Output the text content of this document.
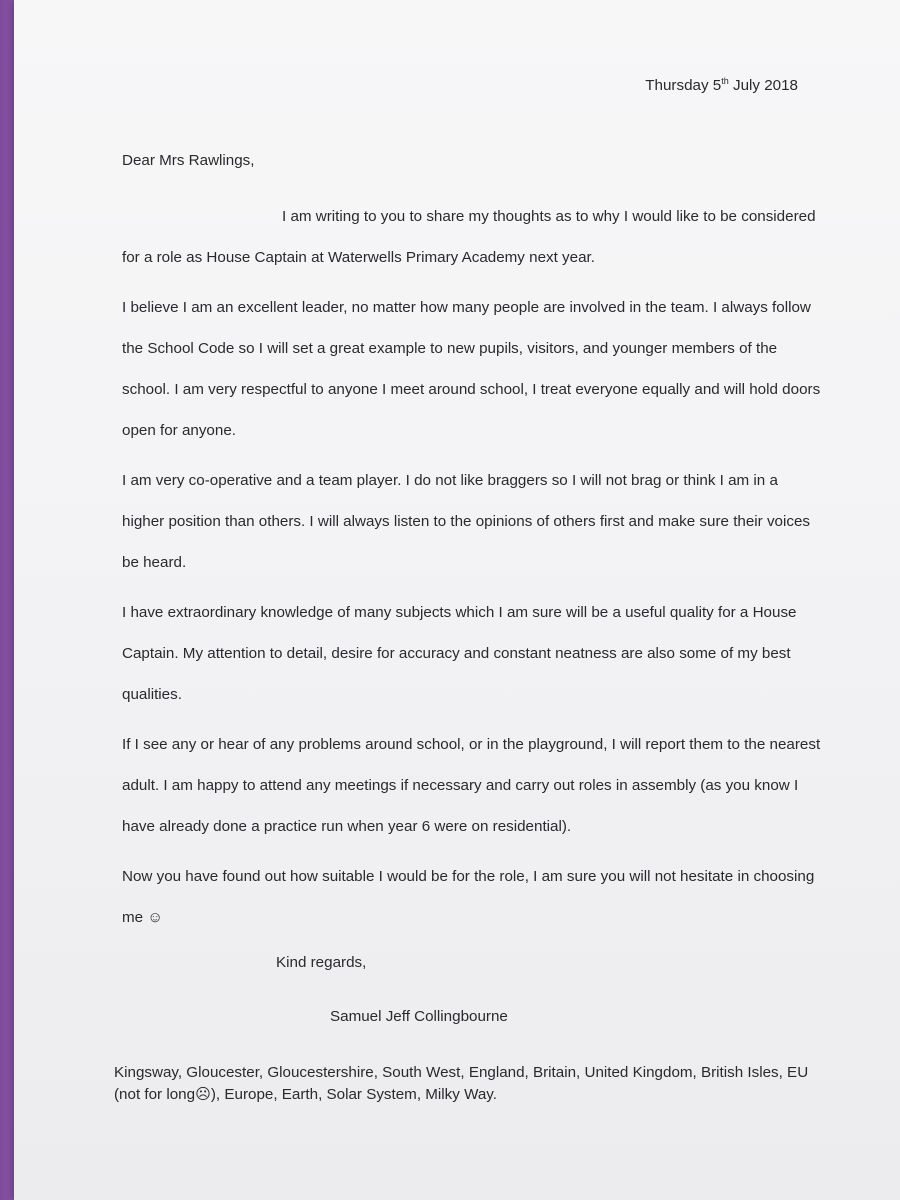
Thursday 5th July 2018
Dear Mrs Rawlings,

I am writing to you to share my thoughts as to why I would like to be considered for a role as House Captain at Waterwells Primary Academy next year.

I believe I am an excellent leader, no matter how many people are involved in the team. I always follow the School Code so I will set a great example to new pupils, visitors, and younger members of the school. I am very respectful to anyone I meet around school, I treat everyone equally and will hold doors open for anyone.

I am very co-operative and a team player. I do not like braggers so I will not brag or think I am in a higher position than others. I will always listen to the opinions of others first and make sure their voices be heard.

I have extraordinary knowledge of many subjects which I am sure will be a useful quality for a House Captain. My attention to detail, desire for accuracy and constant neatness are also some of my best qualities.

If I see any or hear of any problems around school, or in the playground, I will report them to the nearest adult. I am happy to attend any meetings if necessary and carry out roles in assembly (as you know I have already done a practice run when year 6 were on residential).

Now you have found out how suitable I would be for the role, I am sure you will not hesitate in choosing me ☺

Kind regards,
Samuel Jeff Collingbourne
Kingsway, Gloucester, Gloucestershire, South West, England, Britain, United Kingdom, British Isles, EU (not for long☹), Europe, Earth, Solar System, Milky Way.
